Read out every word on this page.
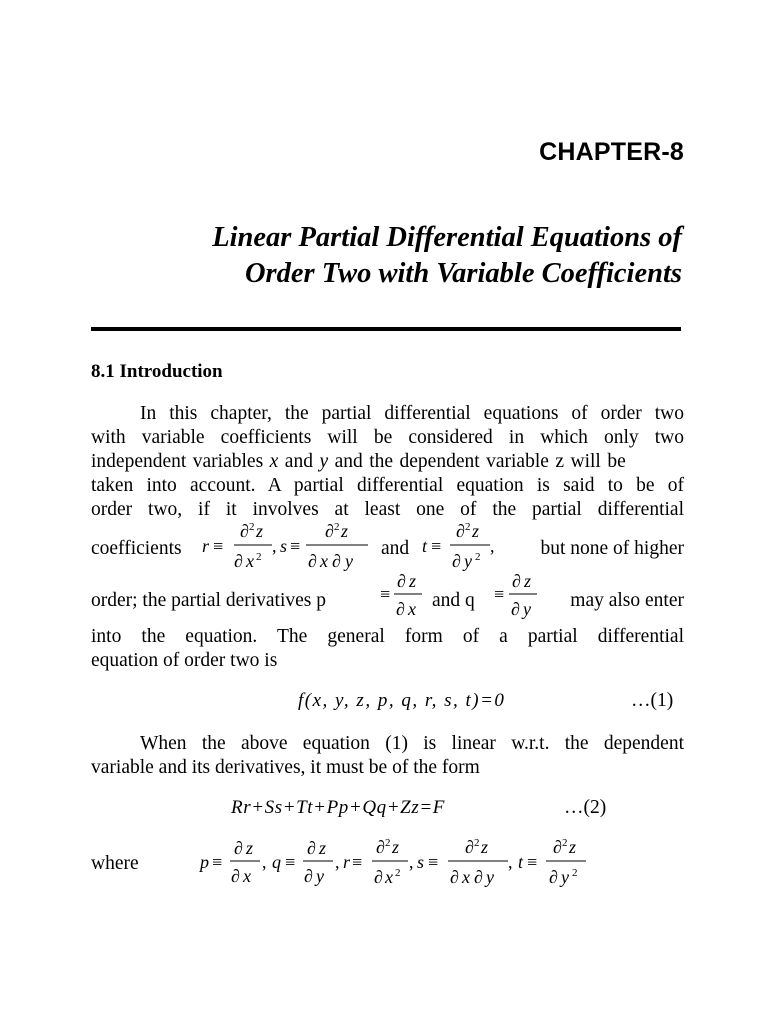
CHAPTER-8
Linear Partial Differential Equations of
Order Two with Variable Coefficients
8.1 Introduction
In this chapter, the partial differential equations of order two
with variable coefficients will be considered in which only two
independent variables x and y and the dependent variable z will be
taken into account. A partial differential equation is said to be of
order two, if it involves at least one of the partial differential
coefficients r ≡
∂ 2 z
∂ x 2
, s ≡
∂ 2 z
∂ x ∂ y
and t ≡
∂ 2 z
∂ y 2
,	but none of higher
order; the partial derivatives p	≡
∂ z
∂ x and q ≡
∂ z
∂ y	may also enter
into the equation. The general form of a partial differential
equation of order two is
f(x, y, z, p, q, r, s, t)=0	…(1)
When the above equation (1) is linear w.r.t. the dependent
variable and its derivatives, it must be of the form
Rr+Ss+Tt+Pp+Qq+Zz=F	…(2)
where	p ≡
∂ z
∂ x
, q ≡
∂ z
∂ y
, r ≡
∂ 2 z
∂ x 2
, s ≡
∂ 2 z
∂ x ∂ y
, t ≡
∂ 2 z
∂ y 2
